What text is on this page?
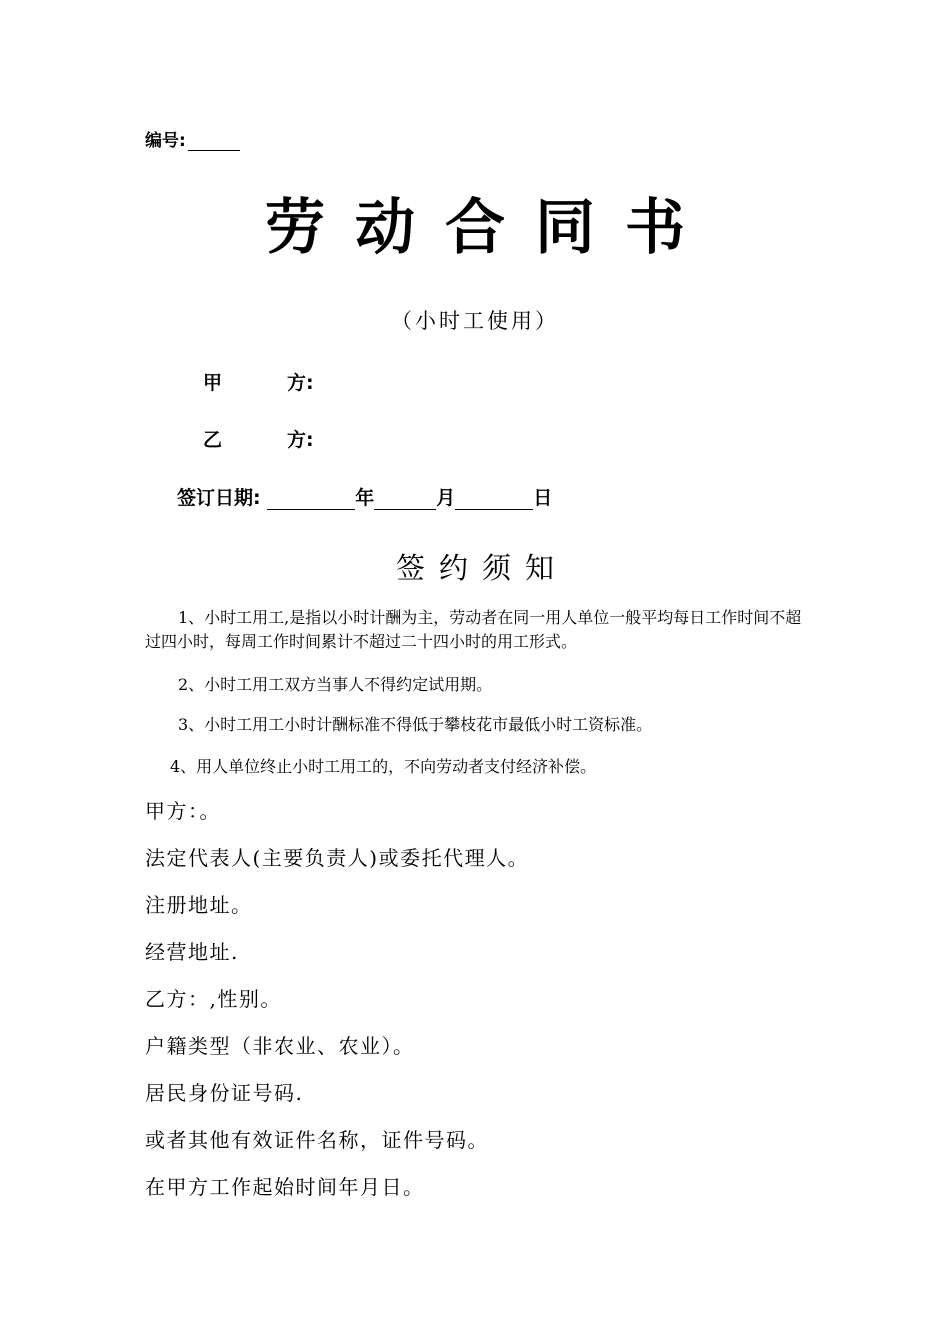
编号:
劳动合同书
（小时工使用）
甲	方:
乙	方:
签订日期:	年	月	日
签约须知
1、小时工用工,是指以小时计酬为主，劳动者在同一用人单位一般平均每日工作时间不超过四小时，每周工作时间累计不超过二十四小时的用工形式。
2、小时工用工双方当事人不得约定试用期。
3、小时工用工小时计酬标准不得低于攀枝花市最低小时工资标准。
4、用人单位终止小时工用工的，不向劳动者支付经济补偿。
甲方：。
法定代表人(主要负责人)或委托代理人。
注册地址。
经营地址.
乙方：,性别。
户籍类型（非农业、农业）。
居民身份证号码.
或者其他有效证件名称，证件号码。
在甲方工作起始时间年月日。
